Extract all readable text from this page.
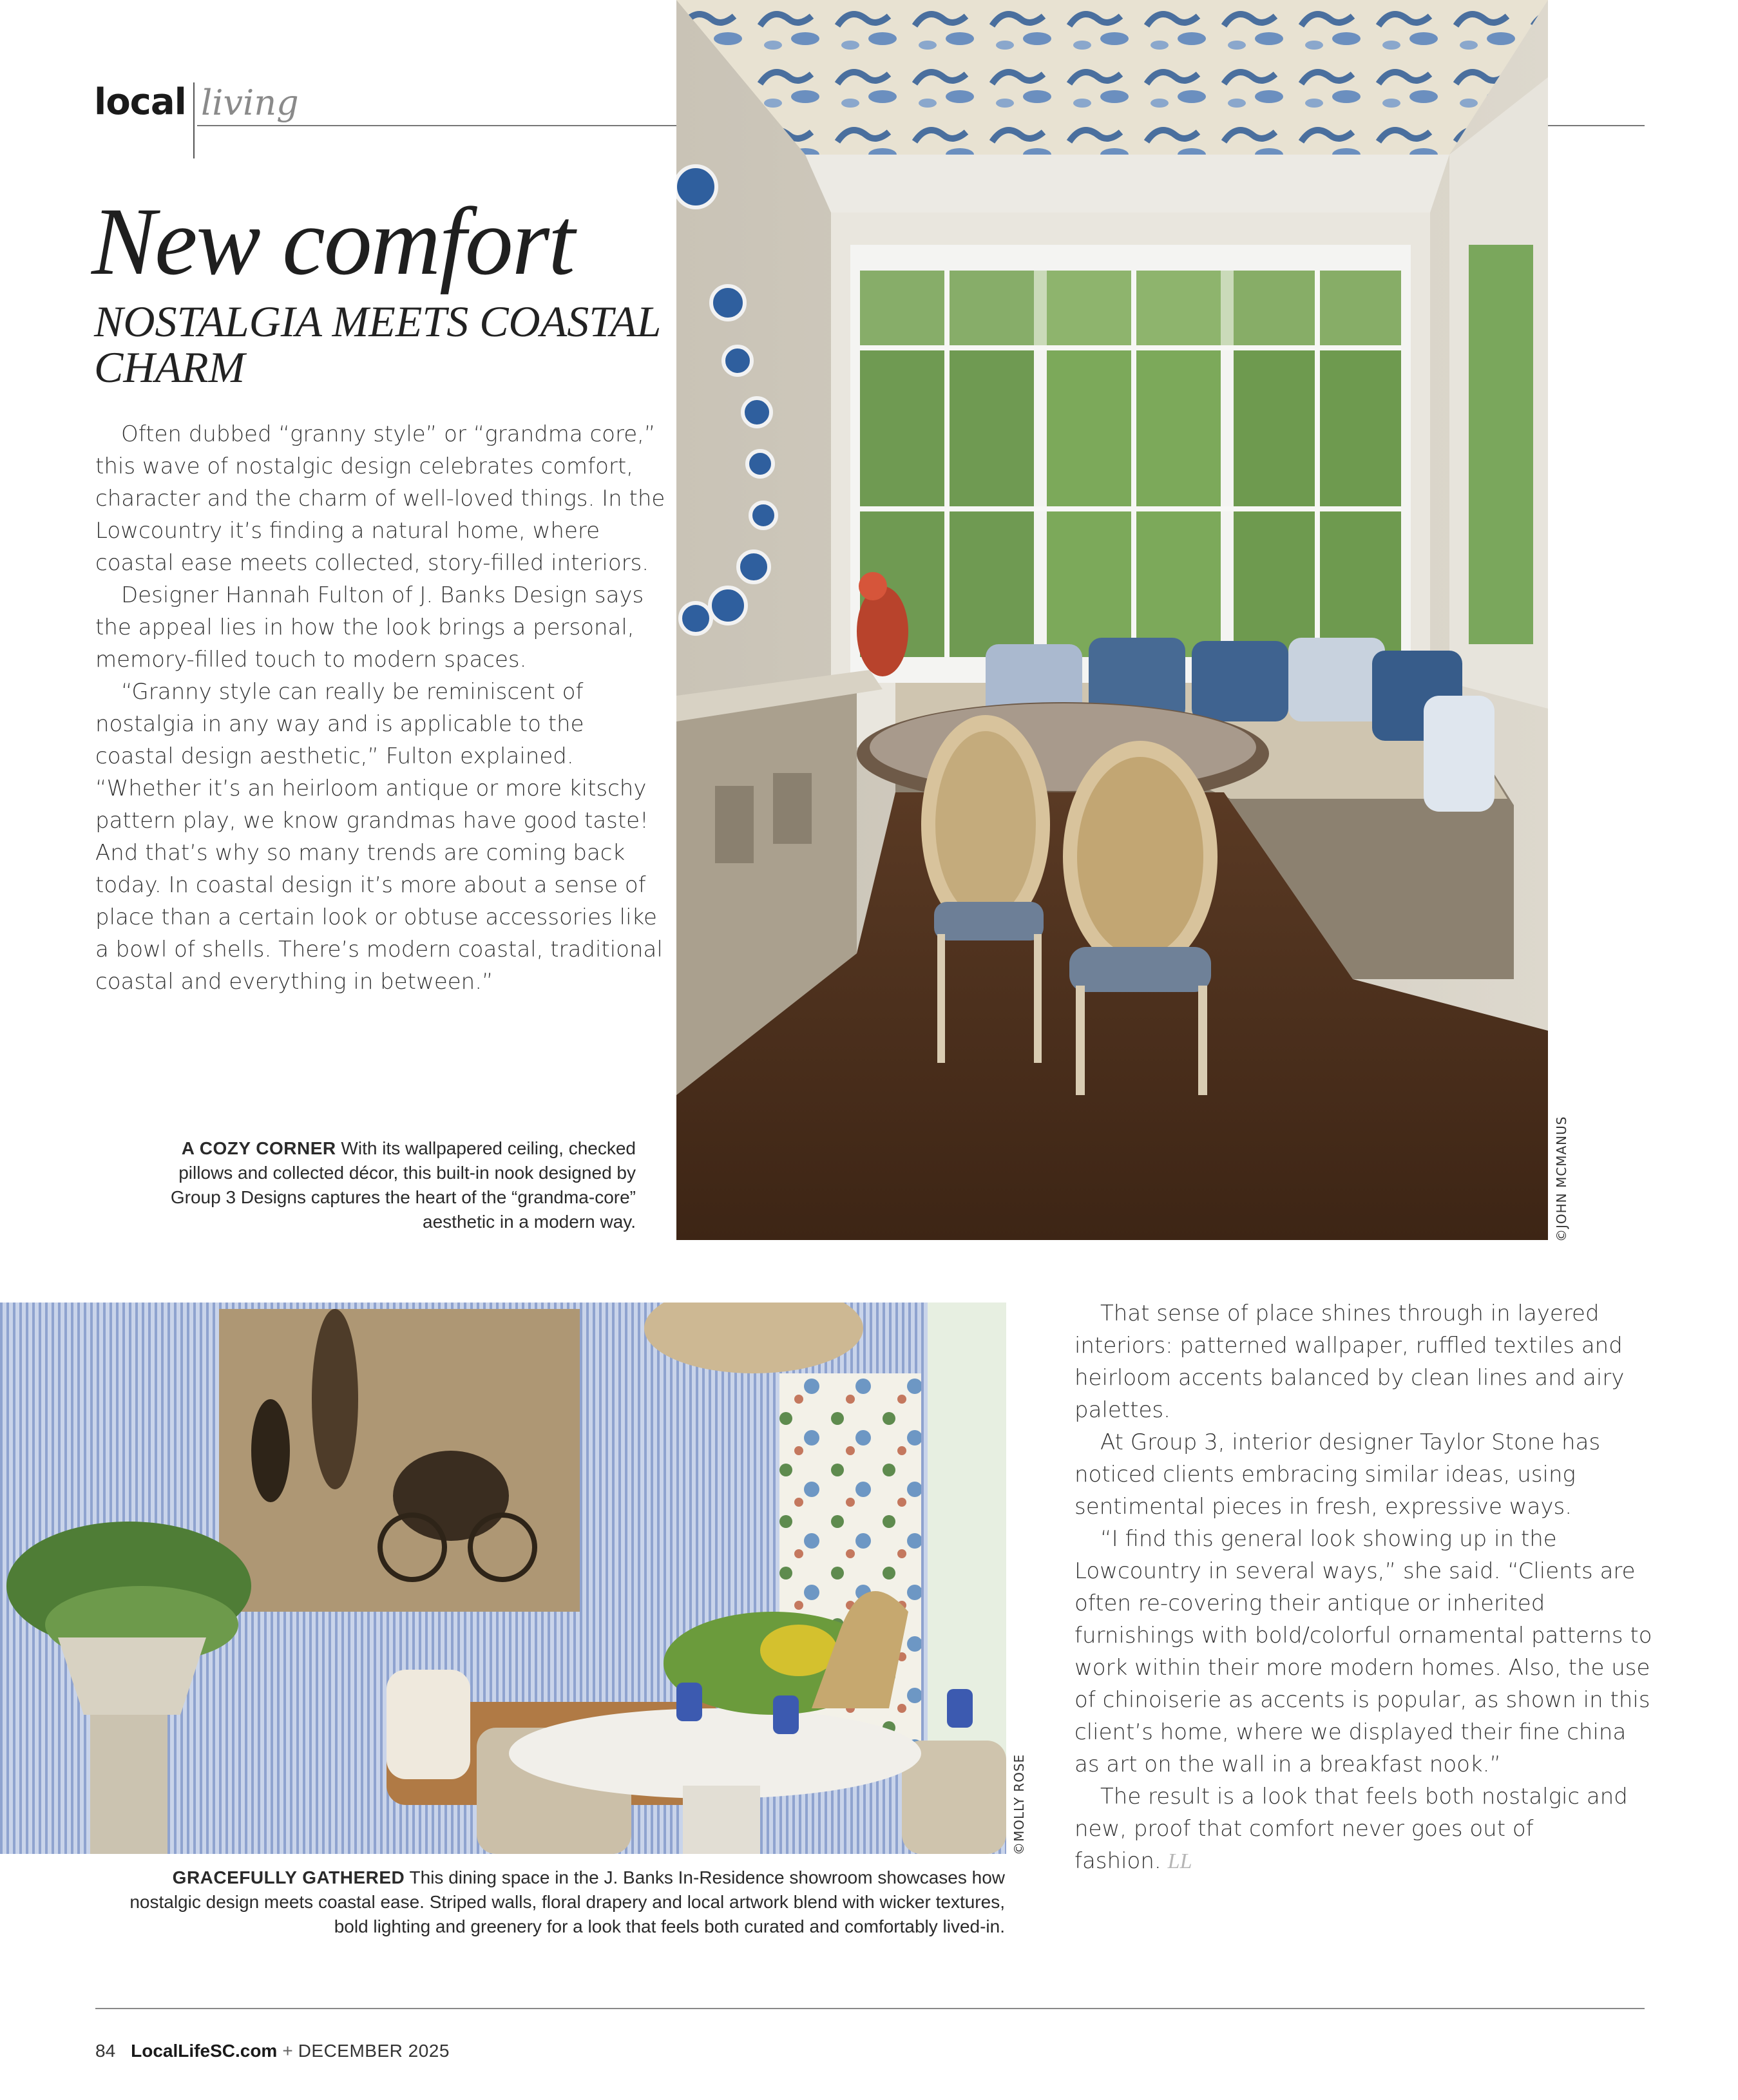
local living
New comfort
NOSTALGIA MEETS COASTAL CHARM

Often dubbed “granny style” or “grandma core,” this wave of nostalgic design celebrates comfort, character and the charm of well-loved things. In the Lowcountry it’s finding a natural home, where coastal ease meets collected, story-filled interiors.

Designer Hannah Fulton of J. Banks Design says the appeal lies in how the look brings a personal, memory-filled touch to modern spaces.

“Granny style can really be reminiscent of nostalgia in any way and is applicable to the coastal design aesthetic,” Fulton explained. “Whether it’s an heirloom antique or more kitschy pattern play, we know grandmas have good taste! And that’s why so many trends are coming back today. In coastal design it’s more about a sense of place than a certain look or obtuse accessories like a bowl of shells. There’s modern coastal, traditional coastal and everything in between.”

©JOHN MCMANUS
A COZY CORNER With its wallpapered ceiling, checked pillows and collected décor, this built-in nook designed by Group 3 Designs captures the heart of the “grandma-core” aesthetic in a modern way.
©MOLLY ROSE
GRACEFULLY GATHERED This dining space in the J. Banks In-Residence showroom showcases how nostalgic design meets coastal ease. Striped walls, floral drapery and local artwork blend with wicker textures, bold lighting and greenery for a look that feels both curated and comfortably lived-in.

That sense of place shines through in layered interiors: patterned wallpaper, ruffled textiles and heirloom accents balanced by clean lines and airy palettes.

At Group 3, interior designer Taylor Stone has noticed clients embracing similar ideas, using sentimental pieces in fresh, expressive ways.

“I find this general look showing up in the Lowcountry in several ways,” she said. “Clients are often re-covering their antique or inherited furnishings with bold/colorful ornamental patterns to work within their more modern homes. Also, the use of chinoiserie as accents is popular, as shown in this client’s home, where we displayed their fine china as art on the wall in a breakfast nook.”

The result is a look that feels both nostalgic and new, proof that comfort never goes out of fashion. LL

84 LocalLifeSC.com + DECEMBER 2025
